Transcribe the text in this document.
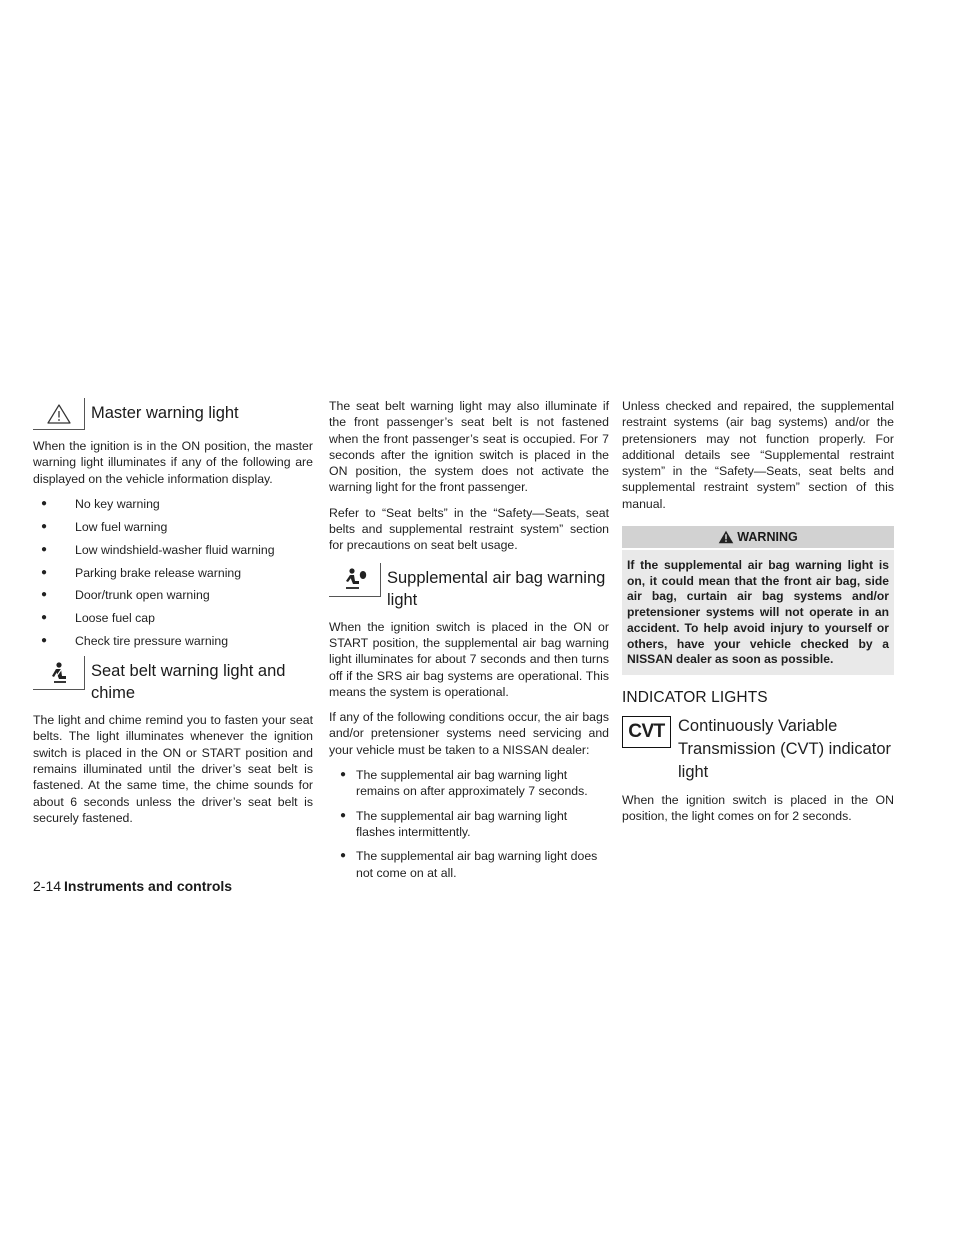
Master warning light

When the ignition is in the ON position, the master warning light illuminates if any of the following are displayed on the vehicle information display.

● No key warning
● Low fuel warning
● Low windshield-washer fluid warning
● Parking brake release warning
● Door/trunk open warning
● Loose fuel cap
● Check tire pressure warning
Seat belt warning light and chime

The light and chime remind you to fasten your seat belts. The light illuminates whenever the ignition switch is placed in the ON or START position and remains illuminated until the driver’s seat belt is fastened. At the same time, the chime sounds for about 6 seconds unless the driver’s seat belt is securely fastened.

The seat belt warning light may also illuminate if the front passenger’s seat belt is not fastened when the front passenger’s seat is occupied. For 7 seconds after the ignition switch is placed in the ON position, the system does not activate the warning light for the front passenger.

Refer to “Seat belts” in the “Safety—Seats, seat belts and supplemental restraint system” section for precautions on seat belt usage.

Supplemental air bag warning light

When the ignition switch is placed in the ON or START position, the supplemental air bag warning light illuminates for about 7 seconds and then turns off if the SRS air bag systems are operational. This means the system is operational.

If any of the following conditions occur, the air bags and/or pretensioner systems need servicing and your vehicle must be taken to a NISSAN dealer:

● The supplemental air bag warning light remains on after approximately 7 seconds.
● The supplemental air bag warning light flashes intermittently.
● The supplemental air bag warning light does not come on at all.

Unless checked and repaired, the supplemental restraint systems (air bag systems) and/or the pretensioners may not function properly. For additional details see “Supplemental restraint system” in the “Safety—Seats, seat belts and supplemental restraint system” section of this manual.

WARNING
If the supplemental air bag warning light is on, it could mean that the front air bag, side air bag, curtain air bag systems and/or pretensioner systems will not operate in an accident. To help avoid injury to yourself or others, have your vehicle checked by a NISSAN dealer as soon as possible.
INDICATOR LIGHTS
CVT Continuously Variable Transmission (CVT) indicator light

When the ignition switch is placed in the ON position, the light comes on for 2 seconds.

2-14 Instruments and controls
